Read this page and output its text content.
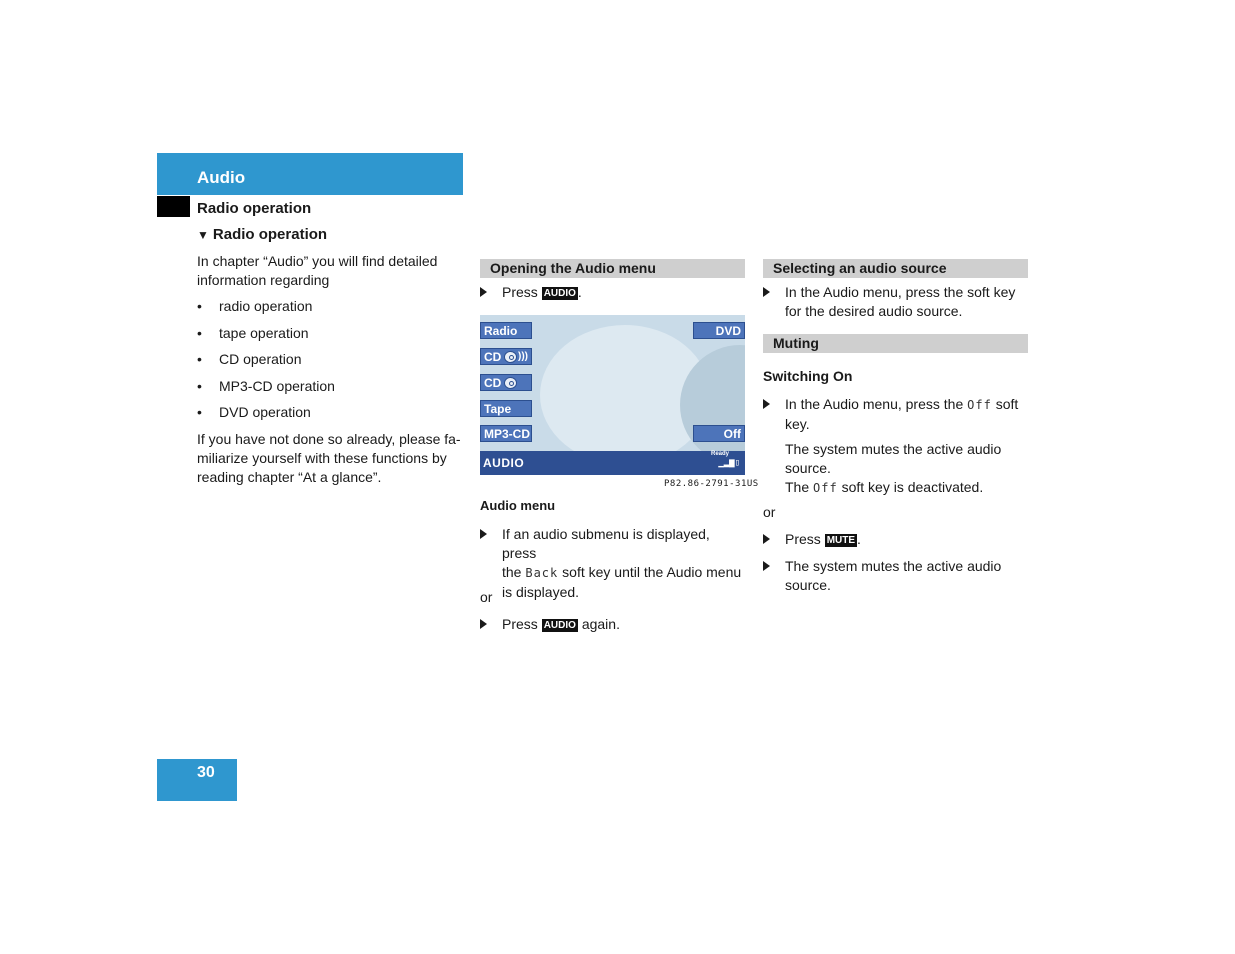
Audio
Radio operation
▼ Radio operation
In chapter “Audio” you will find detailed information regarding
• radio operation
• tape operation
• CD operation
• MP3-CD operation
• DVD operation
If you have not done so already, please fa-
miliarize yourself with these functions by
reading chapter “At a glance”.
Opening the Audio menu
Press AUDIO .
Radio
CD )))
CD
Tape
MP3-CD
DVD
Off
AUDIO
Ready
▁▂▆▯
P82.86-2791-31US
Audio menu
If an audio submenu is displayed, press
the Back soft key until the Audio menu
is displayed.
or
Press AUDIO again.
Selecting an audio source
In the Audio menu, press the soft key
for the desired audio source.
Muting
Switching On
In the Audio menu, press the Off soft
key.
The system mutes the active audio
source.
The Off soft key is deactivated.
or
Press MUTE .
The system mutes the active audio
source.
30
